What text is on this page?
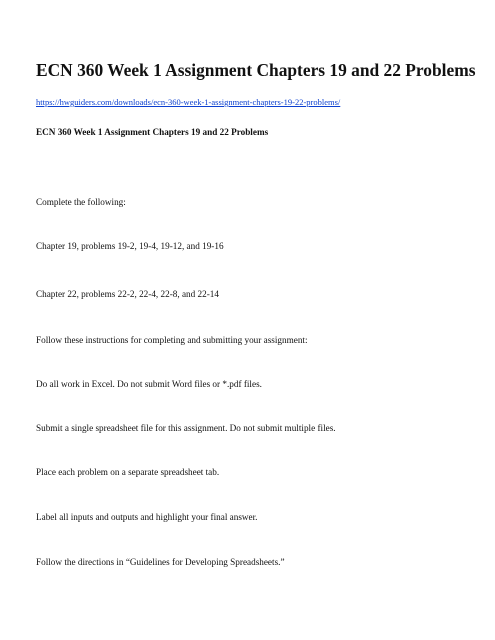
ECN 360 Week 1 Assignment Chapters 19 and 22 Problems
https://hwguiders.com/downloads/ecn-360-week-1-assignment-chapters-19-22-problems/
ECN 360 Week 1 Assignment Chapters 19 and 22 Problems

Complete the following:

Chapter 19, problems 19-2, 19-4, 19-12, and 19-16

Chapter 22, problems 22-2, 22-4, 22-8, and 22-14

Follow these instructions for completing and submitting your assignment:

Do all work in Excel. Do not submit Word files or *.pdf files.

Submit a single spreadsheet file for this assignment. Do not submit multiple files.

Place each problem on a separate spreadsheet tab.

Label all inputs and outputs and highlight your final answer.

Follow the directions in “Guidelines for Developing Spreadsheets.”
